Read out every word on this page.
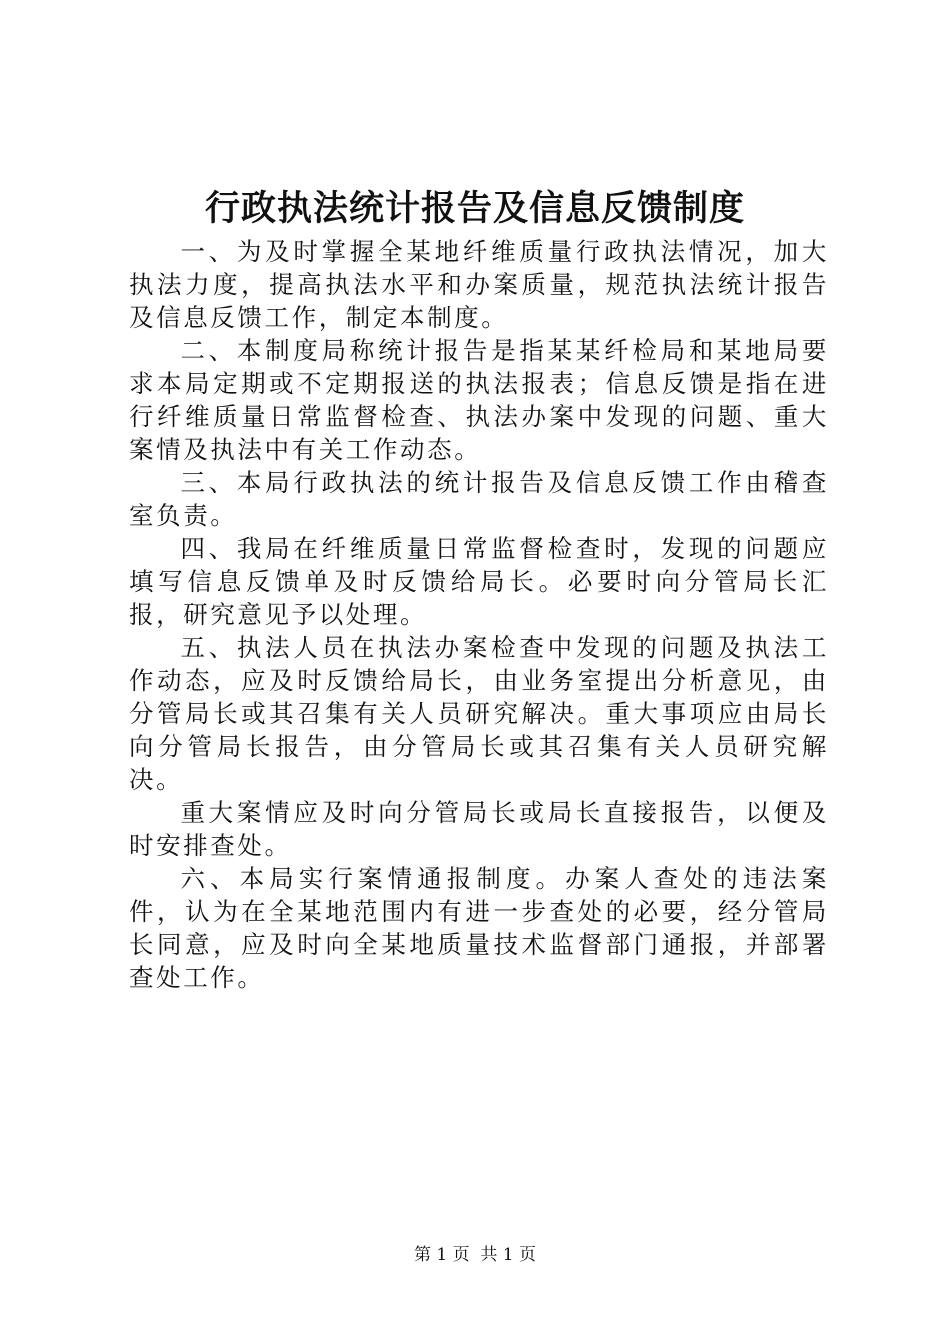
行政执法统计报告及信息反馈制度

一、为及时掌握全某地纤维质量行政执法情况，加大执法力度，提高执法水平和办案质量，规范执法统计报告及信息反馈工作，制定本制度。

二、本制度局称统计报告是指某某纤检局和某地局要求本局定期或不定期报送的执法报表；信息反馈是指在进行纤维质量日常监督检查、执法办案中发现的问题、重大案情及执法中有关工作动态。

三、本局行政执法的统计报告及信息反馈工作由稽查室负责。

四、我局在纤维质量日常监督检查时，发现的问题应填写信息反馈单及时反馈给局长。必要时向分管局长汇报，研究意见予以处理。

五、执法人员在执法办案检查中发现的问题及执法工作动态，应及时反馈给局长，由业务室提出分析意见，由分管局长或其召集有关人员研究解决。重大事项应由局长向分管局长报告，由分管局长或其召集有关人员研究解决。

重大案情应及时向分管局长或局长直接报告，以便及时安排查处。

六、本局实行案情通报制度。办案人查处的违法案件，认为在全某地范围内有进一步查处的必要，经分管局长同意，应及时向全某地质量技术监督部门通报，并部署查处工作。

第 1 页  共 1 页
